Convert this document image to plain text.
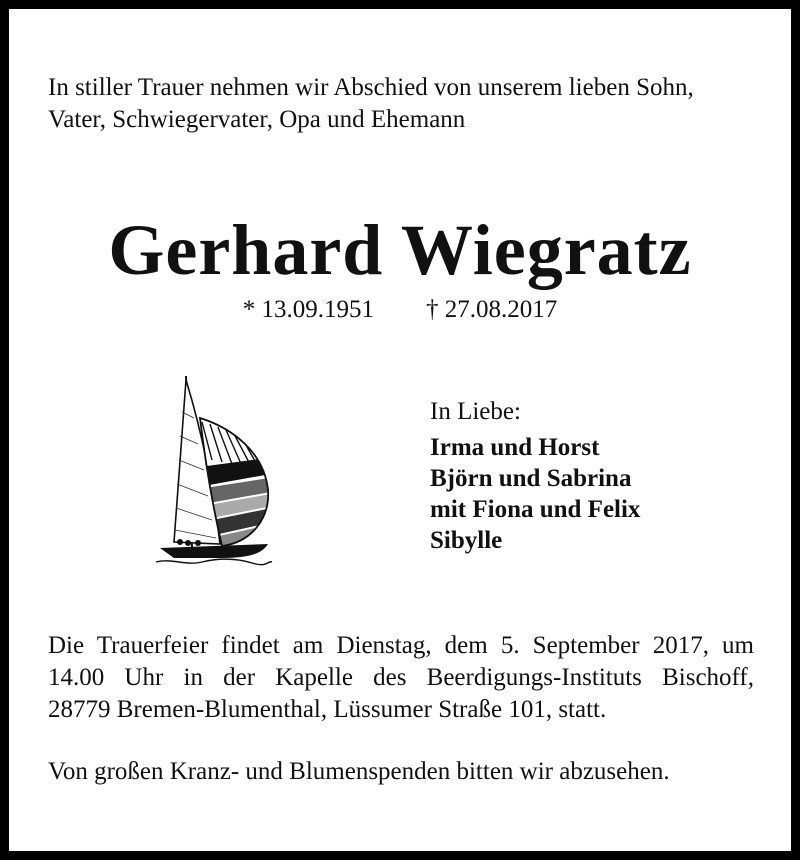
In stiller Trauer nehmen wir Abschied von unserem lieben Sohn,
Vater, Schwiegervater, Opa und Ehemann
Gerhard Wiegratz
* 13.09.1951 † 27.08.2017
In Liebe:
Irma und Horst
Björn und Sabrina
mit Fiona und Felix
Sibylle
Die Trauerfeier findet am Dienstag, dem 5. September 2017, um
14.00 Uhr in der Kapelle des Beerdigungs-Instituts Bischoff,
28779 Bremen-Blumenthal, Lüssumer Straße 101, statt.
Von großen Kranz- und Blumenspenden bitten wir abzusehen.
